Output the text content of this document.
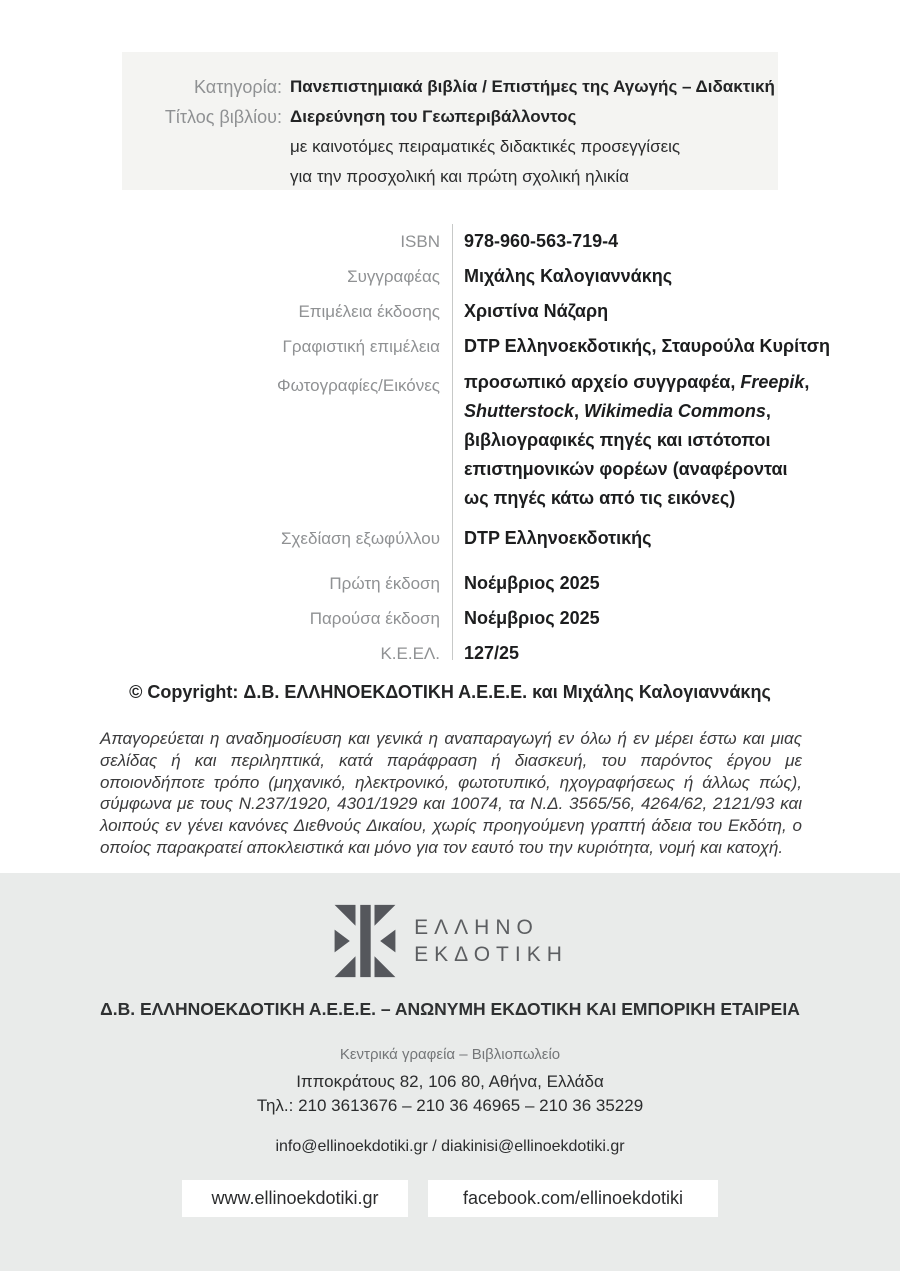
Κατηγορία: Πανεπιστημιακά βιβλία / Επιστήμες της Αγωγής – Διδακτική
Τίτλος βιβλίου: Διερεύνηση του Γεωπεριβάλλοντος
με καινοτόμες πειραματικές διδακτικές προσεγγίσεις
για την προσχολική και πρώτη σχολική ηλικία
ISBN	978-960-563-719-4
Συγγραφέας	Μιχάλης Καλογιαννάκης
Επιμέλεια έκδοσης	Χριστίνα Νάζαρη
Γραφιστική επιμέλεια	DTP Ελληνοεκδοτικής, Σταυρούλα Κυρίτση
Φωτογραφίες/Εικόνες	προσωπικό αρχείο συγγραφέα, Freepik,
Shutterstock, Wikimedia Commons,
βιβλιογραφικές πηγές και ιστότοποι
επιστημονικών φορέων (αναφέρονται
ως πηγές κάτω από τις εικόνες)
Σχεδίαση εξωφύλλου	DTP Ελληνοεκδοτικής
Πρώτη έκδοση	Νοέμβριος 2025
Παρούσα έκδοση	Νοέμβριος 2025
Κ.Ε.ΕΛ.	127/25
© Copyright: Δ.Β. ΕΛΛΗΝΟΕΚΔΟΤΙΚΗ Α.Ε.Ε.Ε. και Μιχάλης Καλογιαννάκης
Απαγορεύεται η αναδημοσίευση και γενικά η αναπαραγωγή εν όλω ή εν μέρει έστω και μιας σελίδας ή και περιληπτικά, κατά παράφραση ή διασκευή, του παρόντος έργου με οποιονδήποτε τρόπο (μηχανικό, ηλεκτρονικό, φωτοτυπικό, ηχογραφήσεως ή άλλως πώς), σύμφωνα με τους Ν.237/1920, 4301/1929 και 10074, τα Ν.Δ. 3565/56, 4264/62, 2121/93 και λοιπούς εν γένει κανόνες Διεθνούς Δικαίου, χωρίς προηγούμενη γραπτή άδεια του Εκδότη, ο οποίος παρακρατεί αποκλειστικά και μόνο για τον εαυτό του την κυριότητα, νομή και κατοχή.
ΕΛΛΗΝΟ
ΕΚΔΟΤΙΚΗ
Δ.Β. ΕΛΛΗΝΟΕΚΔΟΤΙΚΗ Α.Ε.Ε.Ε. – ΑΝΩΝΥΜΗ ΕΚΔΟΤΙΚΗ ΚΑΙ ΕΜΠΟΡΙΚΗ ΕΤΑΙΡΕΙΑ
Κεντρικά γραφεία – Βιβλιοπωλείο
Ιπποκράτους 82, 106 80, Αθήνα, Ελλάδα
Τηλ.: 210 3613676 – 210 36 46965 – 210 36 35229
info@ellinoekdotiki.gr / diakinisi@ellinoekdotiki.gr
www.ellinoekdotiki.gr	facebook.com/ellinoekdotiki
